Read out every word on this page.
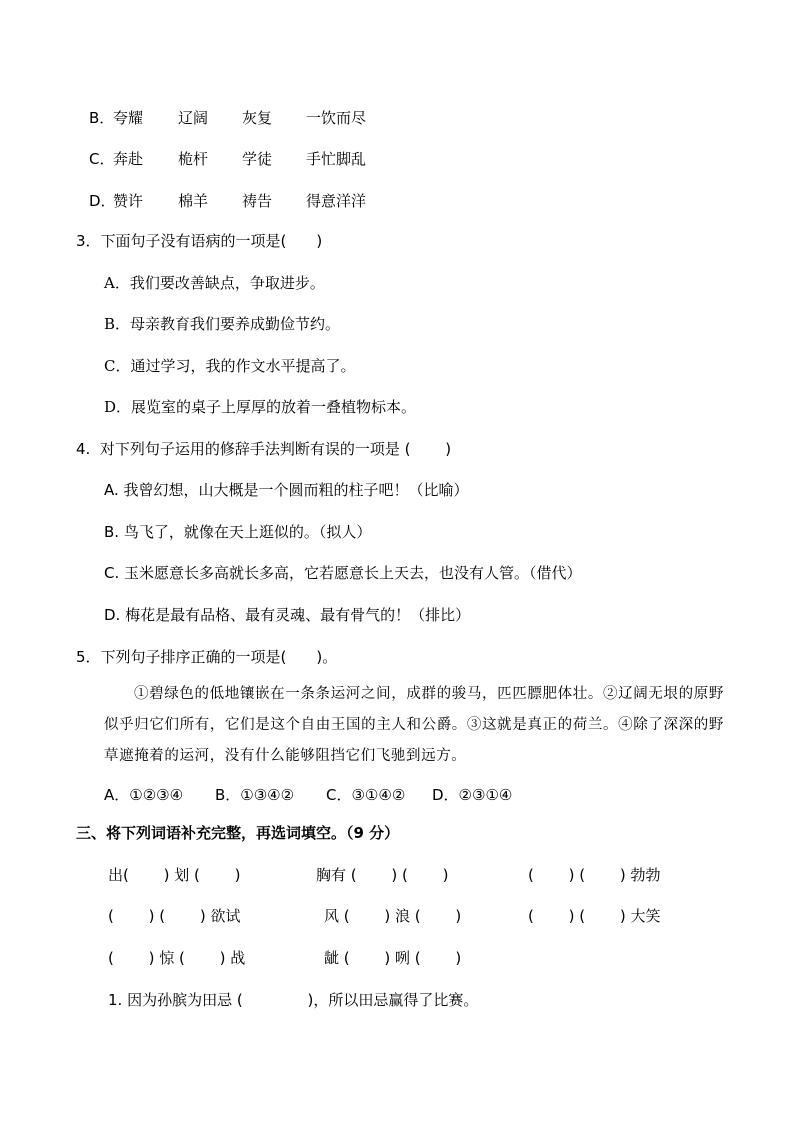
B．
夸耀 辽阔 灰复 一饮而尽
C．
奔赴 桅杆 学徒 手忙脚乱
D．
赞许 棉羊 祷告 得意洋洋
3．下面句子没有语病的一项是(　　)
A．我们要改善缺点，争取进步。
B．母亲教育我们要养成勤俭节约。
C．通过学习，我的作文水平提高了。
D．展览室的桌子上厚厚的放着一叠植物标本。
4.  对下列句子运用的修辞手法判断有误的一项是 (　　 )
A. 我曾幻想，山大概是一个圆而粗的柱子吧！（比喻）
B. 鸟飞了，就像在天上逛似的。（拟人）
C. 玉米愿意长多高就长多高，它若愿意长上天去，也没有人管。（借代）
D. 梅花是最有品格、最有灵魂、最有骨气的！（排比）
5．下列句子排序正确的一项是(　　)。
①碧绿色的低地镶嵌在一条条运河之间，成群的骏马，匹匹膘肥体壮。②辽阔无垠的原野似乎归它们所有，它们是这个自由王国的主人和公爵。③这就是真正的荷兰。④除了深深的野草遮掩着的运河，没有什么能够阻挡它们飞驰到远方。
A．①②③④ B．①③④② C．③①④② D．②③①④
三、将下列词语补充完整，再选词填空。（9 分）
出(　　 ) 划 (　　 )	胸有 (　　 ) (　　 )	(　　 ) (　　 ) 勃勃
(　　 ) (　　 ) 欲试	风 (　　 ) 浪 (　　 )	(　　 ) (　　 ) 大笑
(　　 ) 惊 (　　 ) 战	龇 (　　 ) 咧 (　　 )
1. 因为孙膑为田忌 (　　　　 )，所以田忌赢得了比赛。
